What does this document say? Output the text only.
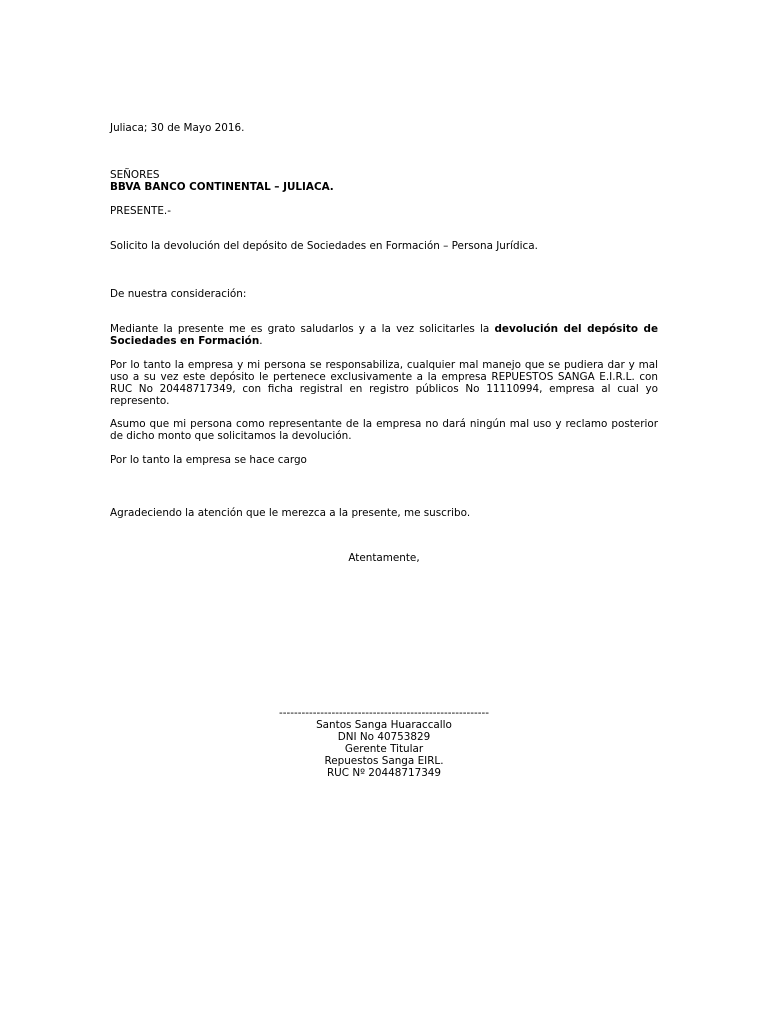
Juliaca; 30 de Mayo 2016.

SEÑORES
BBVA BANCO CONTINENTAL – JULIACA.

PRESENTE.-

Solicito la devolución del depósito de Sociedades en Formación – Persona Jurídica.

De nuestra consideración:

Mediante la presente me es grato saludarlos y a la vez solicitarles la devolución del depósito de
Sociedades en Formación.
Por lo tanto la empresa y mi persona se responsabiliza, cualquier mal manejo que se pudiera dar y mal
uso a su vez este depósito le pertenece exclusivamente a la empresa REPUESTOS SANGA E.I.R.L. con
RUC No 20448717349, con ficha registral en registro públicos No 11110994, empresa al cual yo
represento.
Asumo que mi persona como representante de la empresa no dará ningún mal uso y reclamo posterior
de dicho monto que solicitamos la devolución.

Por lo tanto la empresa se hace cargo

Agradeciendo la atención que le merezca a la presente, me suscribo.

Atentamente,

--------------------------------------------------------
Santos Sanga Huaraccallo
DNI No 40753829
Gerente Titular
Repuestos Sanga EIRL.
RUC Nº 20448717349
